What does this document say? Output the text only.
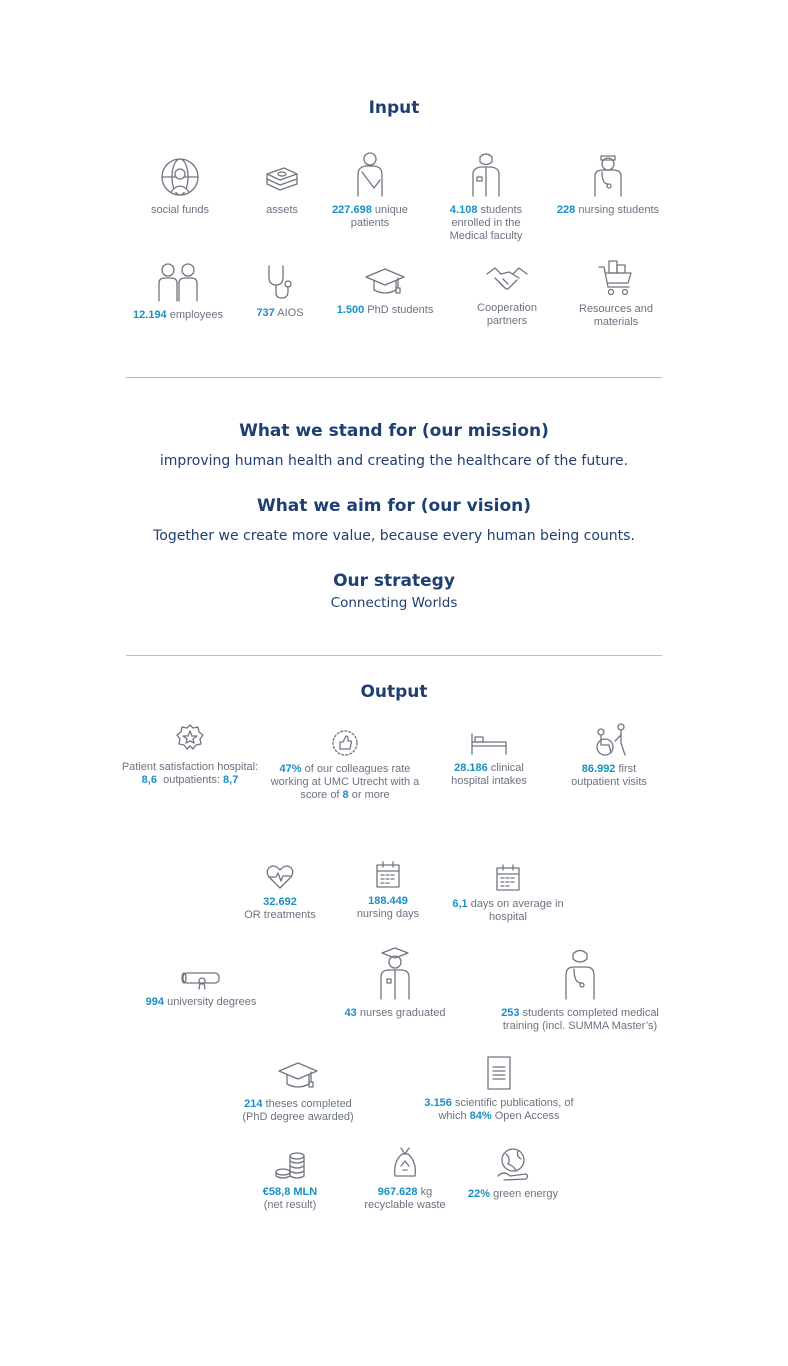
Input
social funds	assets	227.698 unique patients
4.108 students enrolled in the Medical faculty
228 nursing students
12.194 employees	737 AIOS	1.500 PhD students	Cooperation partners
Resources and materials
What we stand for (our mission)
improving human health and creating the healthcare of the future.
What we aim for (our vision)
Together we create more value, because every human being counts.
Our strategy
Connecting Worlds
Output
Patient satisfaction hospital:
8,6  outpatients: 8,7
47% of our colleagues rate working at UMC Utrecht with a score of 8 or more
28.186 clinical hospital intakes
86.992 first outpatient visits
32.692
OR treatments
188.449
nursing days
6,1 days on average in hospital
994 university degrees
43 nurses graduated	253 students completed medical training (incl. SUMMA Master’s)
214 theses completed (PhD degree awarded)
3.156 scientific publications, of which 84% Open Access
€58,8 MLN
(net result)
967.628 kg recyclable waste
22% green energy
